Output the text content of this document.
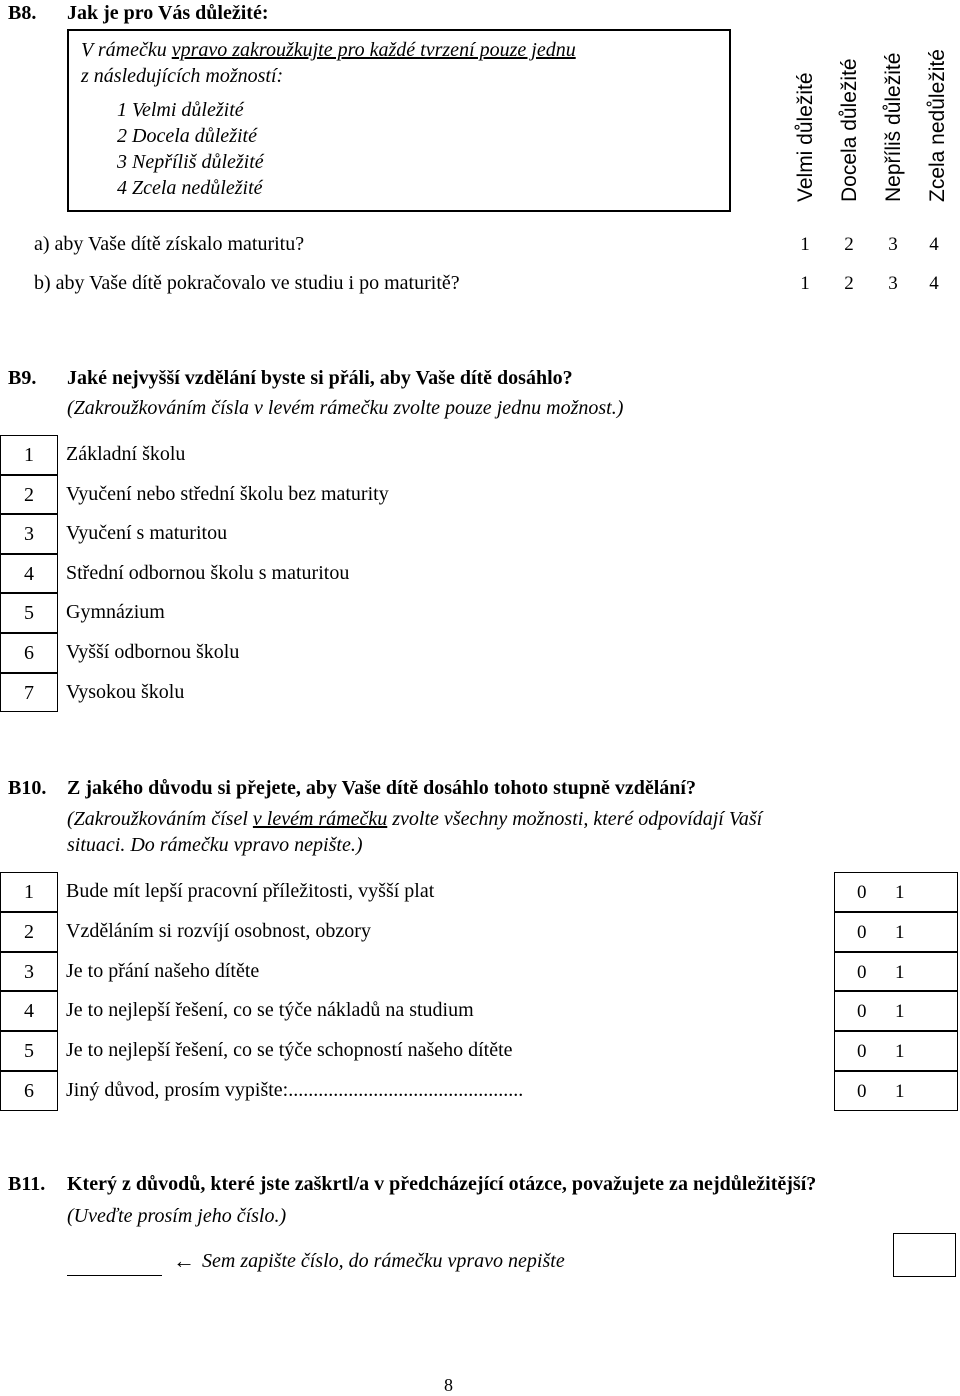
B8. Jak je pro Vás důležité:
V rámečku vpravo zakroužkujte pro každé tvrzení pouze jednu
z následujících možností:
1 Velmi důležité
2 Docela důležité
3 Nepříliš důležité
4 Zcela nedůležité	Velmi důležité Docela důležité Nepříliš důležité Zcela nedůležité
a) aby Vaše dítě získalo maturitu?	1	2	3	4
b) aby Vaše dítě pokračovalo ve studiu i po maturitě?	1	2	3	4
B9. Jaké nejvyšší vzdělání byste si přáli, aby Vaše dítě dosáhlo?
(Zakroužkováním čísla v levém rámečku zvolte pouze jednu možnost.)
1	Základní školu
2	Vyučení nebo střední školu bez maturity
3	Vyučení s maturitou
4	Střední odbornou školu s maturitou
5	Gymnázium
6	Vyšší odbornou školu
7	Vysokou školu
B10. Z jakého důvodu si přejete, aby Vaše dítě dosáhlo tohoto stupně vzdělání?
(Zakroužkováním čísel v levém rámečku zvolte všechny možnosti, které odpovídají Vaší
situaci. Do rámečku vpravo nepište.)
1	Bude mít lepší pracovní příležitosti, vyšší plat	0 1
2	Vzděláním si rozvíjí osobnost, obzory	0 1
3	Je to přání našeho dítěte	0 1
4	Je to nejlepší řešení, co se týče nákladů na studium	0 1
5	Je to nejlepší řešení, co se týče schopností našeho dítěte	0 1
6	Jiný důvod, prosím vypište:...............................................	0 1
B11. Který z důvodů, které jste zaškrtl/a v předcházející otázce, považujete za nejdůležitější?
(Uveďte prosím jeho číslo.)
← Sem zapište číslo, do rámečku vpravo nepište
8
